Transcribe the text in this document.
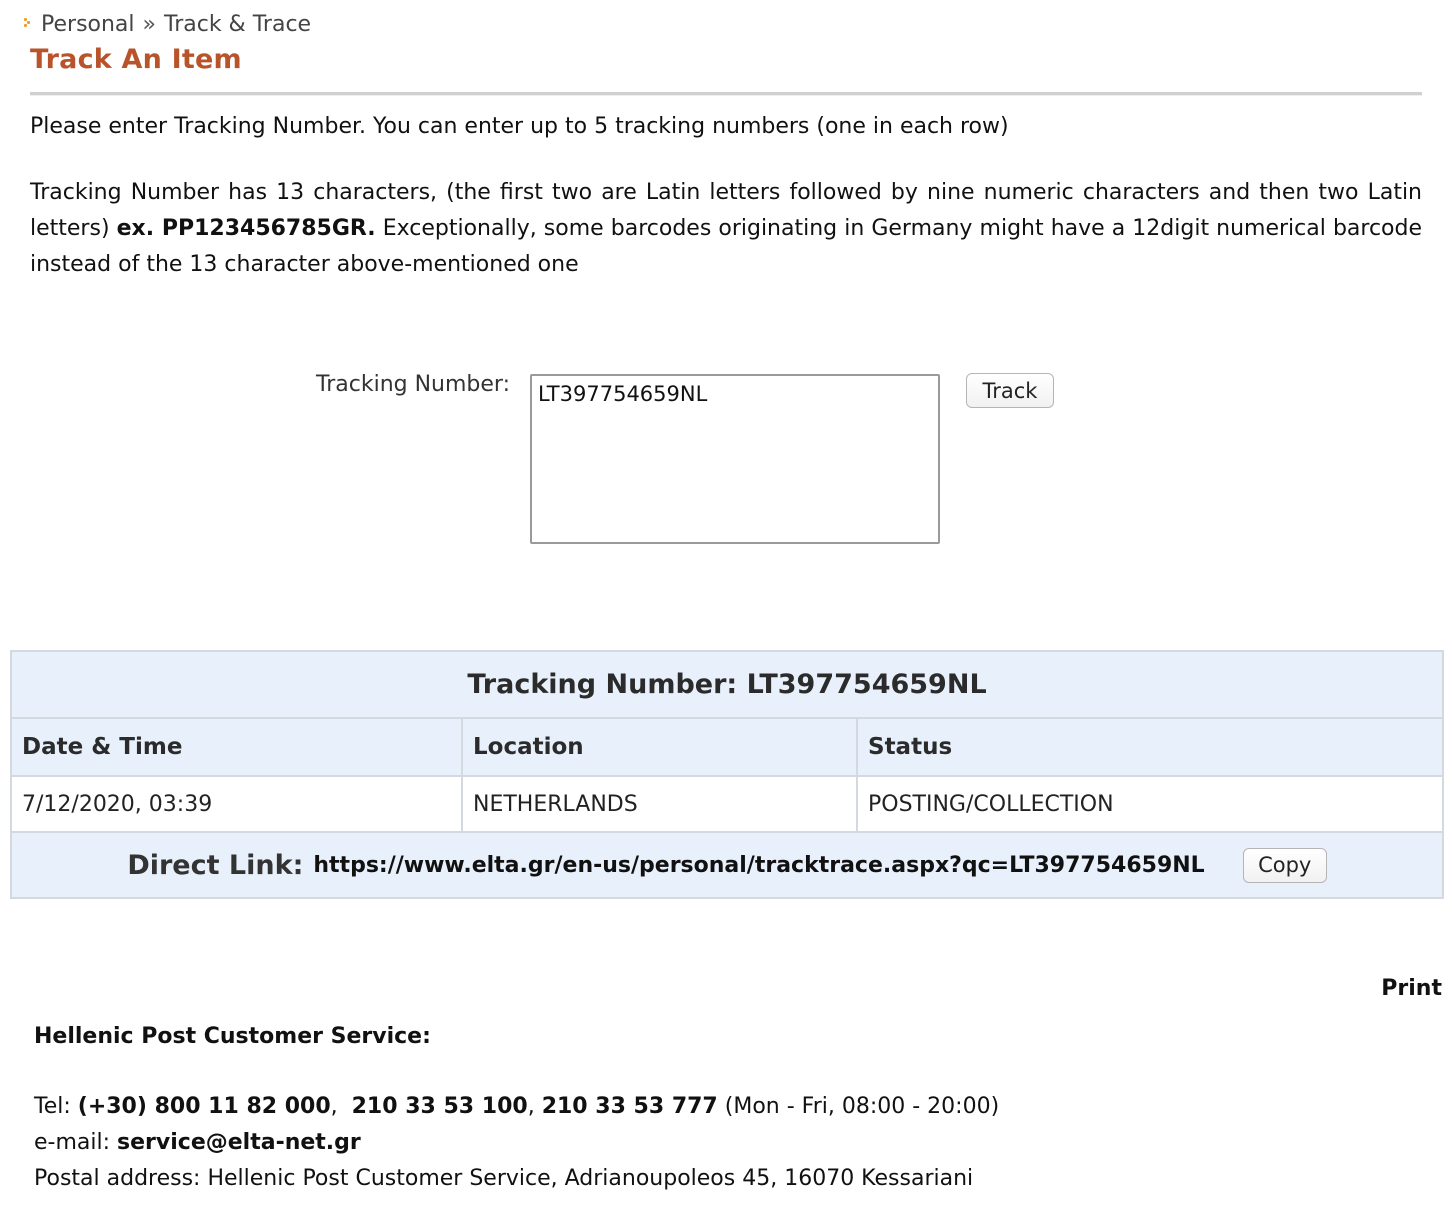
Personal » Track & Trace
Track An Item
Please enter Tracking Number. You can enter up to 5 tracking numbers (one in each row)
Tracking Number has 13 characters, (the first two are Latin letters followed by nine numeric characters and then two Latin letters) ex. PP123456785GR. Exceptionally, some barcodes originating in Germany might have a 12digit numerical barcode instead of the 13 character above-mentioned one
Tracking Number:
LT397754659NL	Track
Tracking Number: LT397754659NL		
Date & Time	Location	Status
7/12/2020, 03:39	NETHERLANDS	POSTING/COLLECTION

Direct Link: https://www.elta.gr/en-us/personal/tracktrace.aspx?qc=LT397754659NL Copy		
Print
Hellenic Post Customer Service:
Tel: (+30) 800 11 82 000,  210 33 53 100, 210 33 53 777 (Mon - Fri, 08:00 - 20:00)
e-mail: service@elta-net.gr
Postal address: Hellenic Post Customer Service, Adrianoupoleos 45, 16070 Kessariani
